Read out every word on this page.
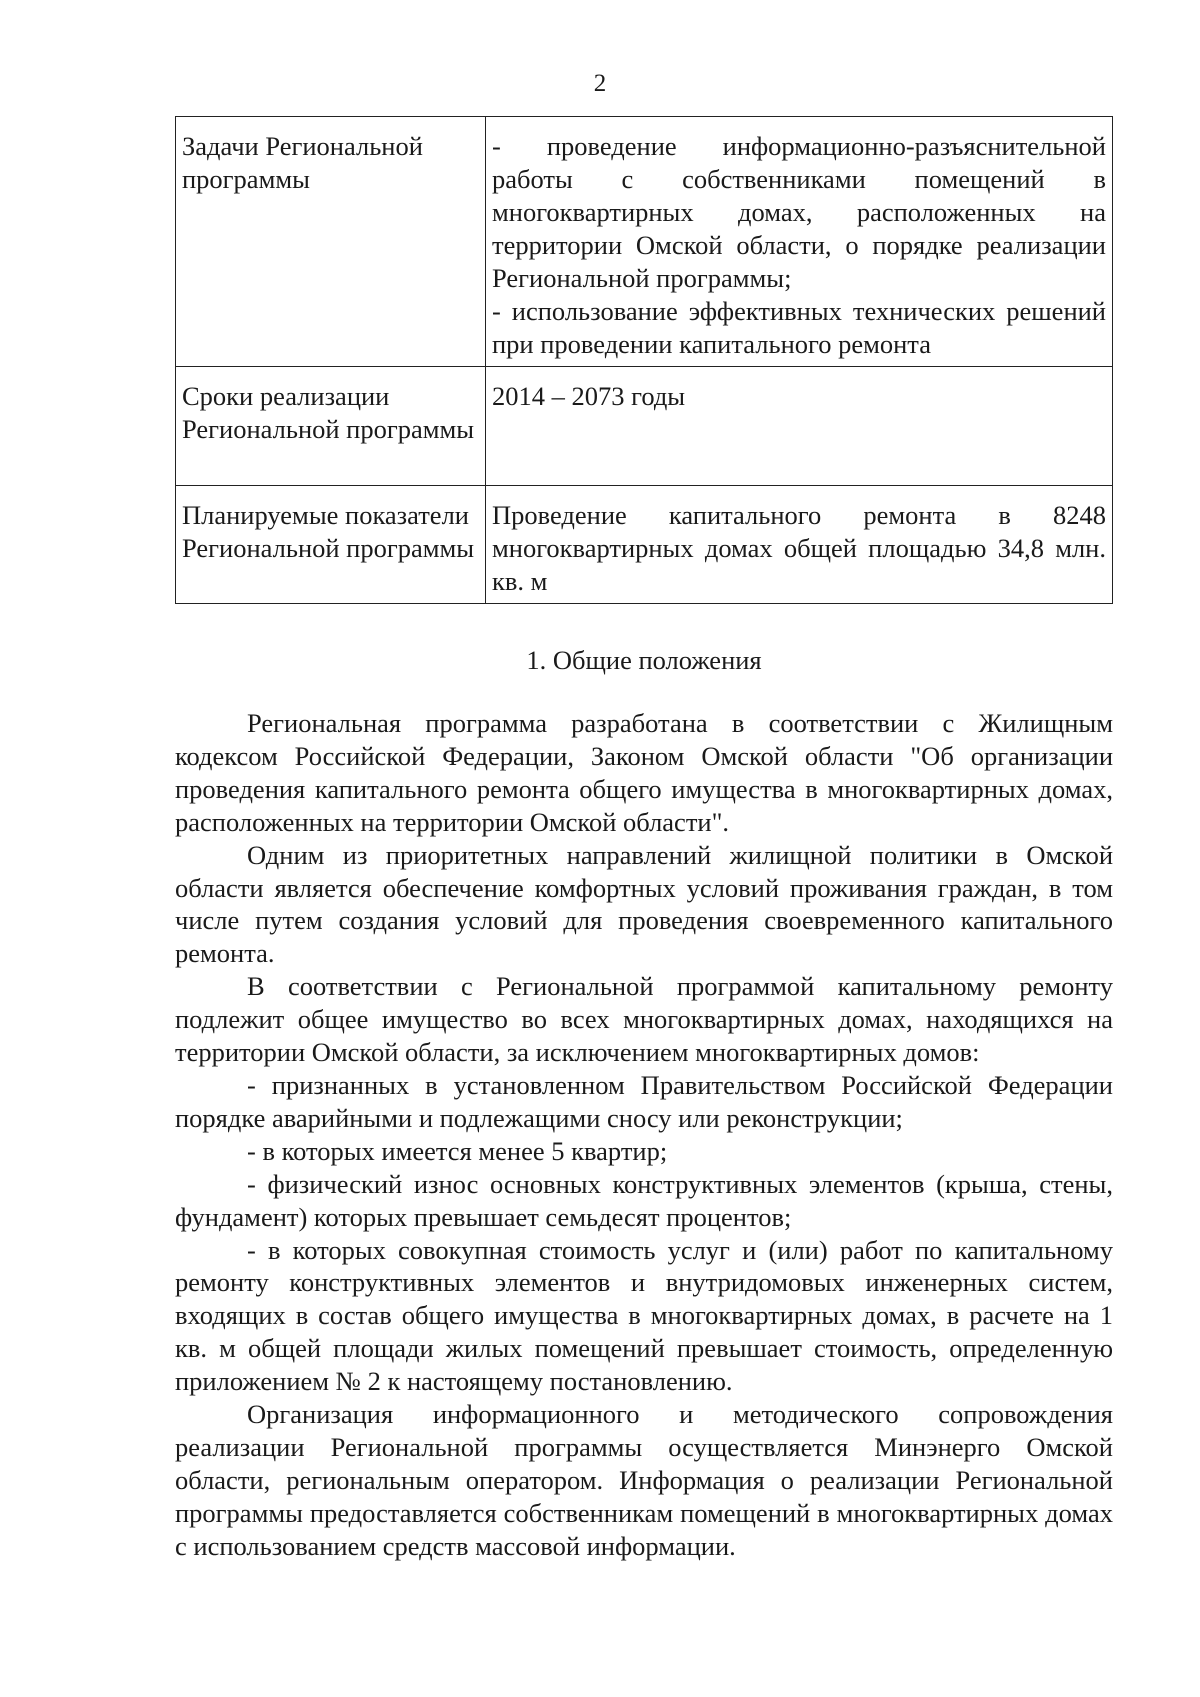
2
Задачи Региональной программы	- проведение информационно-разъяснительной работы с собственниками помещений в многоквартирных домах, расположенных на территории Омской области, о порядке реализации Региональной программы;
- использование эффективных технических решений при проведении капитального ремонта

Сроки реализации Региональной программы	2014 – 2073 годы
Планируемые показатели Региональной программы	Проведение капитального ремонта в 8248 многоквартирных домах общей площадью 34,8 млн. кв. м
1. Общие положения

Региональная программа разработана в соответствии с Жилищным кодексом Российской Федерации, Законом Омской области "Об организации проведения капитального ремонта общего имущества в многоквартирных домах, расположенных на территории Омской области".

Одним из приоритетных направлений жилищной политики в Омской области является обеспечение комфортных условий проживания граждан, в том числе путем создания условий для проведения своевременного капитального ремонта.

В соответствии с Региональной программой капитальному ремонту подлежит общее имущество во всех многоквартирных домах, находящихся на территории Омской области, за исключением многоквартирных домов:

- признанных в установленном Правительством Российской Федерации порядке аварийными и подлежащими сносу или реконструкции;

- в которых имеется менее 5 квартир;

- физический износ основных конструктивных элементов (крыша, стены, фундамент) которых превышает семьдесят процентов;

- в которых совокупная стоимость услуг и (или) работ по капитальному ремонту конструктивных элементов и внутридомовых инженерных систем, входящих в состав общего имущества в многоквартирных домах, в расчете на 1 кв. м общей площади жилых помещений превышает стоимость, определенную приложением № 2 к настоящему постановлению.

Организация информационного и методического сопровождения реализации Региональной программы осуществляется Минэнерго Омской области, региональным оператором. Информация о реализации Региональной программы предоставляется собственникам помещений в многоквартирных домах с использованием средств массовой информации.
